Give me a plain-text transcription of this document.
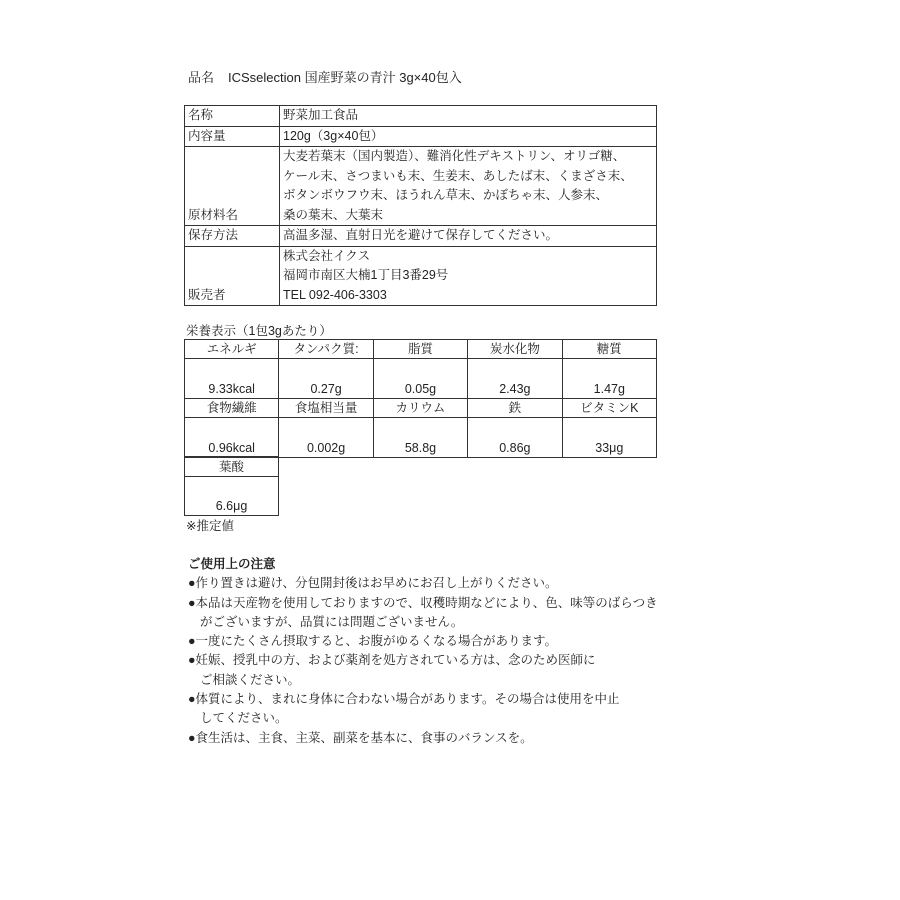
品名 ICSselection 国産野菜の青汁 3g×40包入
名称	野菜加工食品
内容量	120g（3g×40包）
原材料名	大麦若葉末（国内製造）、難消化性デキストリン、オリゴ糖、
ケール末、さつまいも末、生姜末、あしたば末、くまざさ末、
ボタンボウフウ末、ほうれん草末、かぼちゃ末、人参末、
桑の葉末、大葉末

保存方法	高温多湿、直射日光を避けて保存してください。
販売者	株式会社イクス
福岡市南区大楠1丁目3番29号
TEL 092-406-3303
栄養表示（1包3gあたり）
エネルギ	タンパク質:	脂質	炭水化物	糖質
9.33kcal	0.27g	0.05g	2.43g	1.47g
食物繊維	食塩相当量	カリウム	鉄	ビタミンK
0.96kcal	0.002g	58.8g	0.86g	33μg
葉酸
6.6μg
※推定値
ご使用上の注意
●作り置きは避け、分包開封後はお早めにお召し上がりください。
●本品は天産物を使用しておりますので、収穫時期などにより、色、味等のばらつき
がございますが、品質には問題ございません。
●一度にたくさん摂取すると、お腹がゆるくなる場合があります。
●妊娠、授乳中の方、および薬剤を処方されている方は、念のため医師に
ご相談ください。
●体質により、まれに身体に合わない場合があります。その場合は使用を中止
してください。
●食生活は、主食、主菜、副菜を基本に、食事のバランスを。
